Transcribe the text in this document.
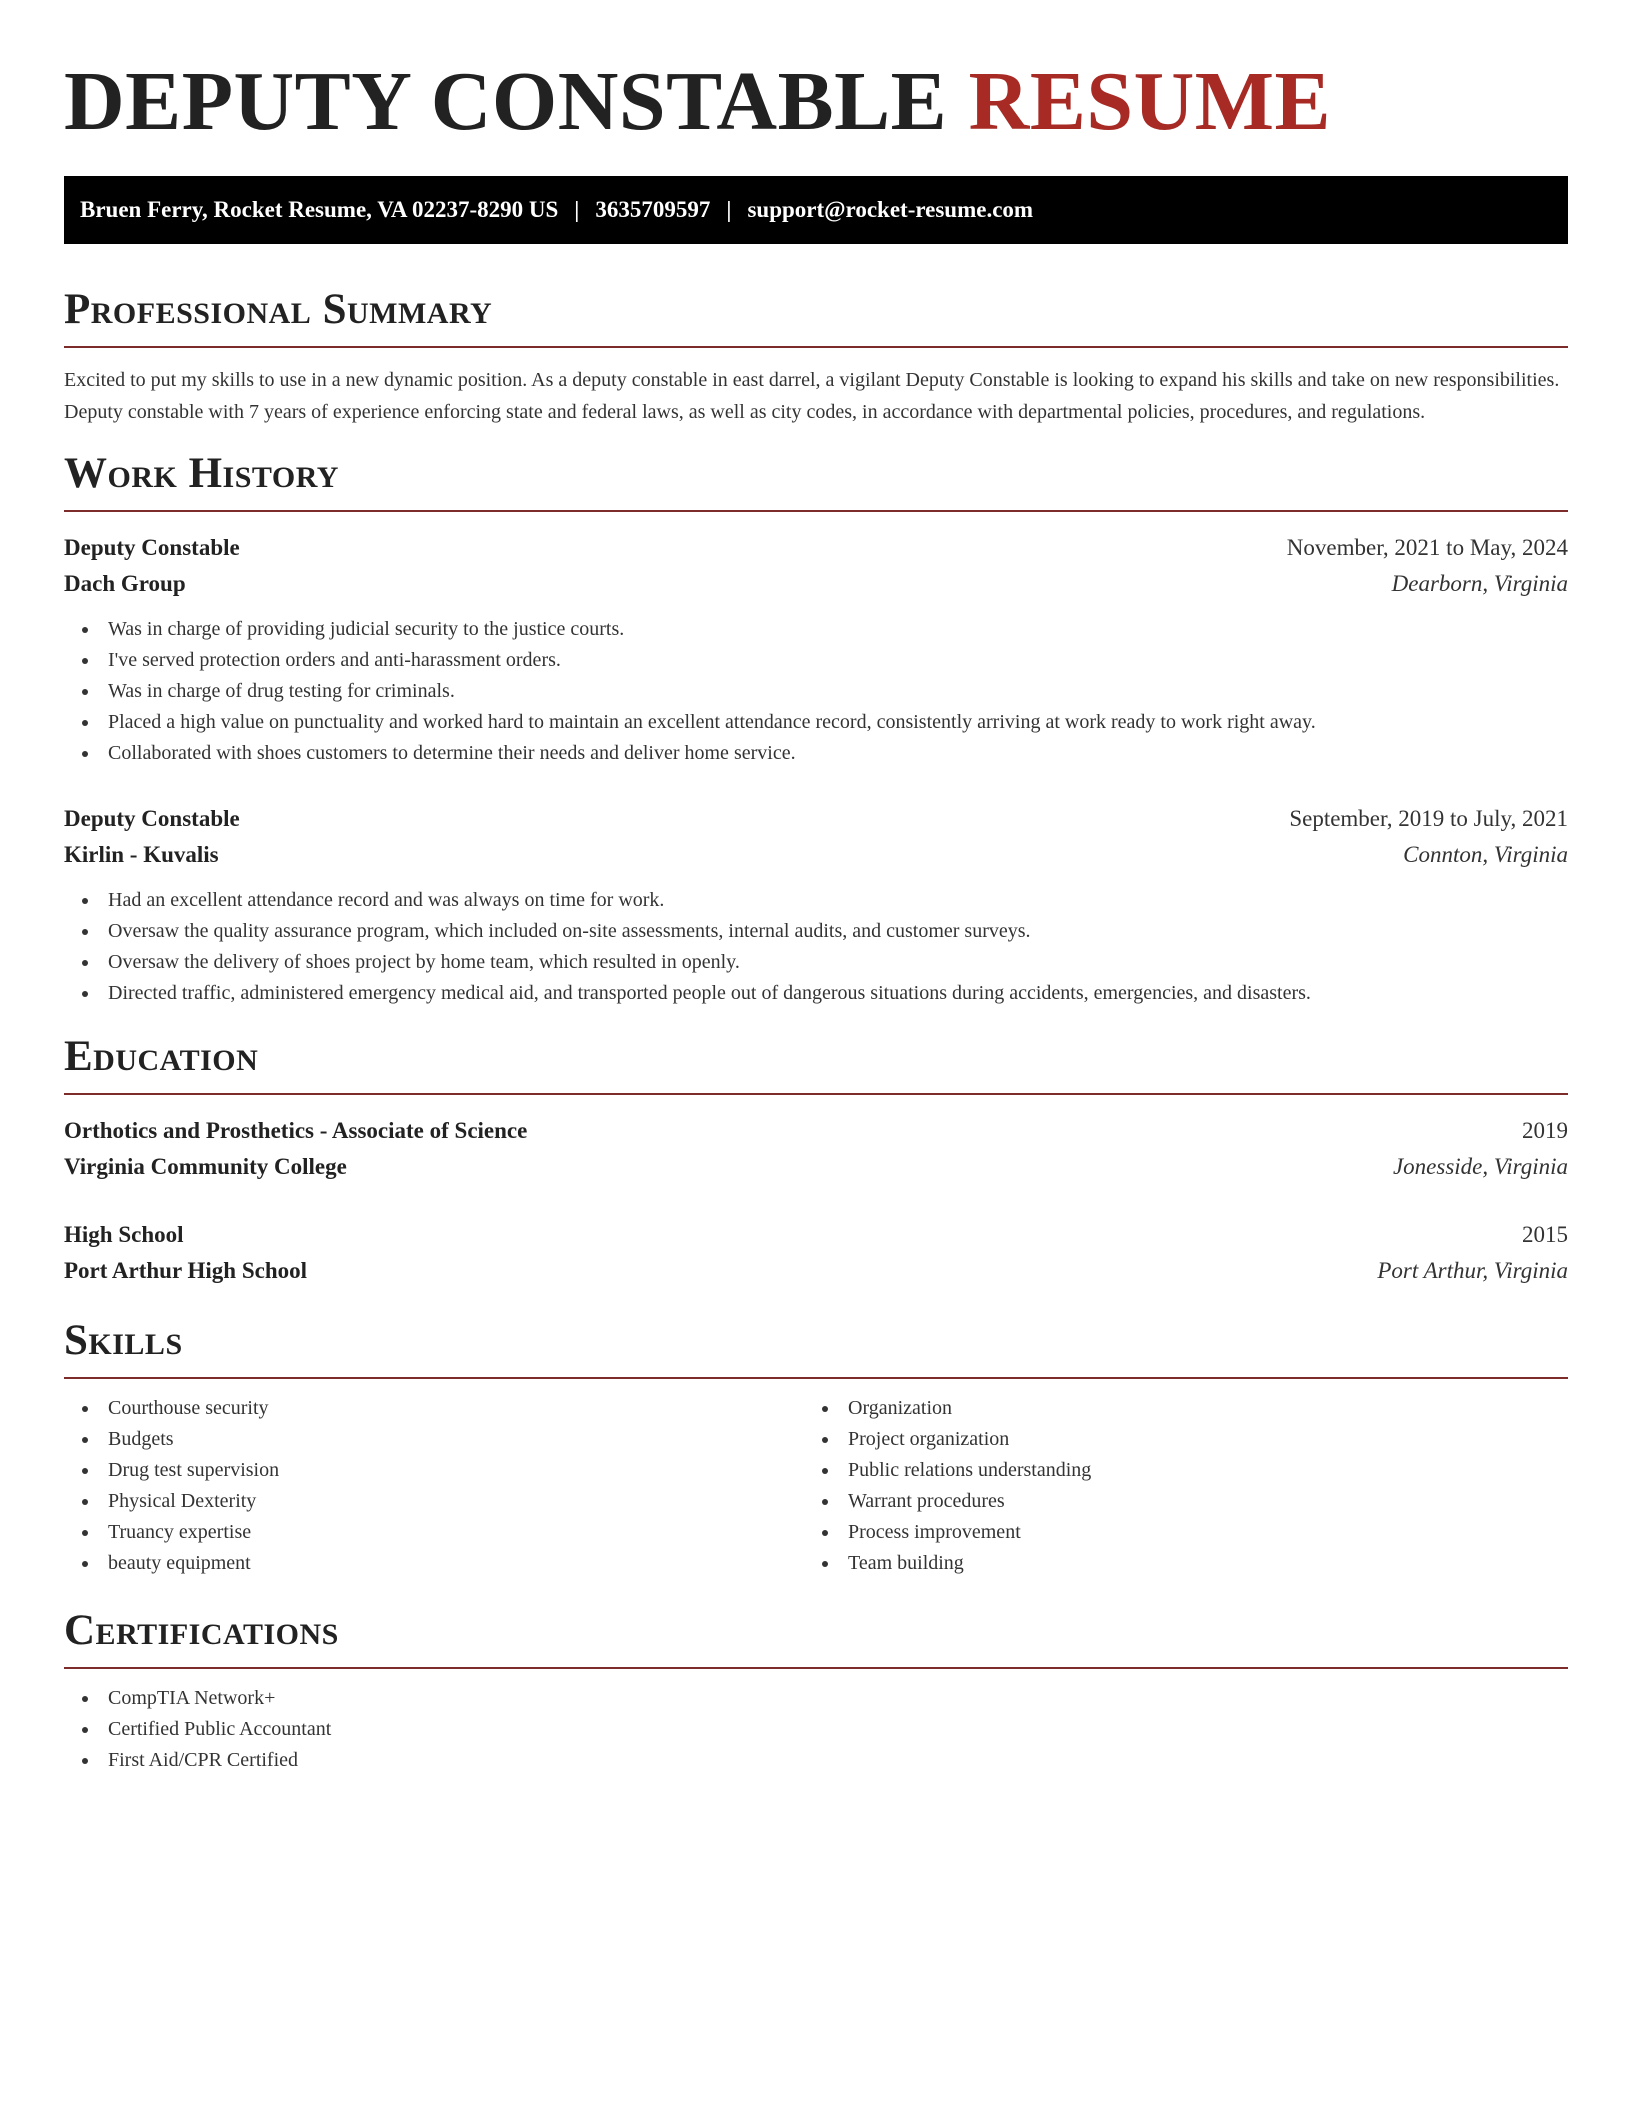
DEPUTY CONSTABLE RESUME
Bruen Ferry, Rocket Resume, VA 02237-8290 US | 3635709597 | support@rocket-resume.com
Professional Summary

Excited to put my skills to use in a new dynamic position. As a deputy constable in east darrel, a vigilant Deputy Constable is looking to expand his skills and take on new responsibilities. Deputy constable with 7 years of experience enforcing state and federal laws, as well as city codes, in accordance with departmental policies, procedures, and regulations.

Work History
Deputy Constable	November, 2021 to May, 2024
Dach Group	Dearborn, Virginia
Was in charge of providing judicial security to the justice courts.
I've served protection orders and anti-harassment orders.
Was in charge of drug testing for criminals.
Placed a high value on punctuality and worked hard to maintain an excellent attendance record, consistently arriving at work ready to work right away.
Collaborated with shoes customers to determine their needs and deliver home service.
Deputy Constable	September, 2019 to July, 2021
Kirlin - Kuvalis	Connton, Virginia
Had an excellent attendance record and was always on time for work.
Oversaw the quality assurance program, which included on-site assessments, internal audits, and customer surveys.
Oversaw the delivery of shoes project by home team, which resulted in openly.
Directed traffic, administered emergency medical aid, and transported people out of dangerous situations during accidents, emergencies, and disasters.
Education
Orthotics and Prosthetics - Associate of Science	2019
Virginia Community College	Jonesside, Virginia
High School	2015
Port Arthur High School	Port Arthur, Virginia
Skills
Courthouse security
Budgets
Drug test supervision
Physical Dexterity
Truancy expertise
beauty equipment
Organization
Project organization
Public relations understanding
Warrant procedures
Process improvement
Team building
Certifications
CompTIA Network+
Certified Public Accountant
First Aid/CPR Certified
